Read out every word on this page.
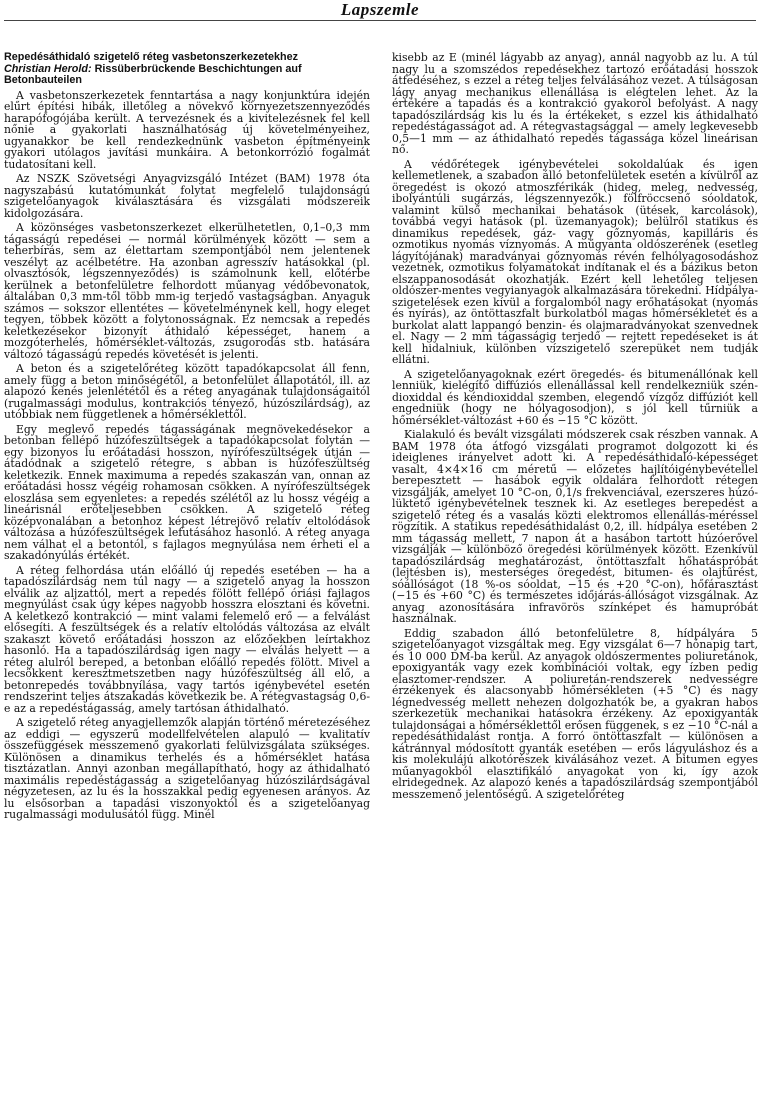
Lapszemle
Repedésáthidaló szigetelő réteg vasbetonszerkezetekhez
Christian Herold: Rissüberbrückende Beschichtungen auf Betonbauteilen

A vasbetonszerkezetek fenntartása a nagy konjunktúra idején elűrt építési hibák, illetőleg a növekvő környezetszennyeződés harapófogójába került. A tervezésnek és a kivitelezésnek fel kell nőnie a gyakorlati használhatóság új követelményeihez, ugyanakkor be kell rendezkednünk vasbeton építményeink gyakori utólagos javítási munkáira. A betonkorrózió fogalmát tudatosítani kell.

Az NSZK Szövetségi Anyagvizsgáló Intézet (BAM) 1978 óta nagyszabású kutatómunkát folytat megfelelő tulajdonságú szigetelőanyagok kiválasztására és vizsgálati módszereik kidolgozására.

A közönséges vasbetonszerkezet elkerülhetetlen, 0,1–0,3 mm tágasságú repedései — normál körülmények között — sem a teherbírás, sem az élettartam szempontjából nem jelentenek veszélyt az acélbetétre. Ha azonban agresszív hatásokkal (pl. olvasztósók, légszennyeződés) is számolnunk kell, előtérbe kerülnek a betonfelületre felhordott műanyag védőbevonatok, általában 0,3 mm-től több mm-ig terjedő vastagságban. Anyaguk számos — sokszor ellentétes — követelménynek kell, hogy eleget tegyen, többek között a folytonosságnak. Ez nemcsak a repedés keletkezésekor bizonyít áthidaló képességet, hanem a mozgóterhelés, hőmérséklet-változás, zsugorodás stb. hatására változó tágasságú repedés követését is jelenti.

A beton és a szigetelőréteg között tapadókapcsolat áll fenn, amely függ a beton minőségétől, a betonfelület állapotától, ill. az alapozó kenés jelenlététől és a réteg anyagának tulajdonságaitól (rugalmassági modulus, kontrakciós tényező, húzószilárdság), az utóbbiak nem függetlenek a hőmérséklettől.

Egy meglevő repedés tágasságának megnövekedésekor a betonban fellépő húzófeszültségek a tapadókapcsolat folytán — egy bizonyos lu erőátadási hosszon, nyírófeszültségek útján — átadódnak a szigetelő rétegre, s abban is húzófeszültség keletkezik. Ennek maximuma a repedés szakaszán van, onnan az erőátadási hossz végéig rohamosan csökken. A nyírófeszültségek eloszlása sem egyenletes: a repedés szélétől az lu hossz végéig a lineárisnál erőteljesebben csökken. A szigetelő réteg középvonalában a betonhoz képest létrejövő relatív eltolódások változása a húzófeszültségek lefutásához hasonló. A réteg anyaga nem válhat el a betontól, s fajlagos megnyúlása nem érheti el a szakadónyúlás értékét.

A réteg felhordása után előálló új repedés esetében — ha a tapadószilárdság nem túl nagy — a szigetelő anyag la hosszon elválik az aljzattól, mert a repedés fölött fellépő óriási fajlagos megnyúlást csak úgy képes nagyobb hosszra elosztani és követni. A keletkező kontrakció — mint valami felemelő erő — a felválást elősegíti. A feszültségek és a relatív eltolódás változása az elvált szakaszt követő erőátadási hosszon az előzőekben leírtakhoz hasonló. Ha a tapadószilárdság igen nagy — elválás helyett — a réteg alulról bereped, a betonban előálló repedés fölött. Mivel a lecsökkent keresztmetszetben nagy húzófeszültség áll elő, a betonrepedés továbbnyílása, vagy tartós igénybevétel esetén rendszerint teljes átszakadás következik be. A rétegvastagság 0,6-e az a repedéstágasság, amely tartósan áthidalható.

A szigetelő réteg anyagjellemzők alapján történő méretezéséhez az eddigi — egyszerű modellfelvételen alapuló — kvalitatív összefüggések messzemenő gyakorlati felülvizsgálata szükséges. Különösen a dinamikus terhelés és a hőmérséklet hatása tisztázatlan. Annyi azonban megállapítható, hogy az áthidalható maximális repedéstágasság a szigetelőanyag húzószilárdságával négyzetesen, az lu és la hosszakkal pedig egyenesen arányos. Az lu elsősorban a tapadási viszonyoktól és a szigetelőanyag rugalmassági modulusától függ. Minél

kisebb az E (minél lágyabb az anyag), annál nagyobb az lu. A túl nagy lu a szomszédos repedésekhez tartozó erőátadási hosszok átfedéséhez, s ezzel a réteg teljes felválásához vezet. A túlságosan lágy anyag mechanikus ellenállása is elégtelen lehet. Az la értékére a tapadás és a kontrakció gyakorol befolyást. A nagy tapadószilárdság kis lu és la értékeket, s ezzel kis áthidalható repedéstágasságot ad. A rétegvastagsággal — amely legkevesebb 0,5—1 mm — az áthidalható repedés tágassága közel lineárisan nő.

A védőrétegek igénybevételei sokoldalúak és igen kellemetlenek, a szabadon álló betonfelületek esetén a kívülről az öregedést is okozó atmoszférikák (hideg, meleg, nedvesség, ibolyántúli sugárzás, légszennyezők.) fölfröccsenő sóoldatok, valamint külső mechanikai behatások (ütések, karcolások), továbbá vegyi hatások (pl. üzemanyagok); belülről statikus és dinamikus repedések, gáz- vagy gőznyomás, kapilláris és ozmotikus nyomás víznyomás. A műgyanta oldószerének (esetleg lágyítójának) maradványai gőznyomás révén felhólyagosodáshoz vezetnek, ozmotikus folyamatokat indítanak el és a bázikus beton elszappanosodását okozhatják. Ezért kell lehetőleg teljesen oldószer-mentes vegyianyagok alkalmazására törekedni. Hídpálya-szigetelések ezen kívül a forgalomból nagy erőhatásokat (nyomás és nyírás), az öntöttaszfalt burkolatból magas hőmérsékletet és a burkolat alatt lappangó benzin- és olajmaradványokat szenvednek el. Nagy — 2 mm tágasságig terjedő — rejtett repedéseket is át kell hidalniuk, különben vízszigetelő szerepüket nem tudják ellátni.

A szigetelőanyagoknak ezért öregedés- és bitumenállónak kell lenniük, kielégítő diffúziós ellenállással kell rendelkezniük szén-dioxiddal és kéndioxiddal szemben, elegendő vízgőz diffúziót kell engedniük (hogy ne hólyagosodjon), s jól kell tűrniük a hőmérséklet-változást +60 és −15 °C között.

Kialakuló és bevált vizsgálati módszerek csak részben vannak. A BAM 1978 óta átfogó vizsgálati programot dolgozott ki és ideiglenes irányelvet adott ki. A repedésáthidaló-képességet vasalt, 4×4×16 cm méretű — előzetes hajlítóigénybevétellel berepesztett — hasábok egyik oldalára felhordott rétegen vizsgálják, amelyet 10 °C-on, 0,1/s frekvenciával, ezerszeres húzó-lüktető igénybevételnek tesznek ki. Az esetleges berepedést a szigetelő réteg és a vasalás közti elektromos ellenállás-méréssel rögzítik. A statikus repedésáthidalást 0,2, ill. hídpálya esetében 2 mm tágasság mellett, 7 napon át a hasábon tartott húzóerővel vizsgálják — különböző öregedési körülmények között. Ezenkívül tapadószilárdság meghatározást, öntöttaszfalt hőhatáspróbát (lejtésben is), mesterséges öregedést, bitumen- és olajtűrést, sóállóságot (18 %-os sóoldat, −15 és +20 °C-on), hőfárasztást (−15 és +60 °C) és természetes időjárás-állóságot vizsgálnak. Az anyag azonosítására infravörös színképet és hamupróbát használnak.

Eddig szabadon álló betonfelületre 8, hídpályára 5 szigetelőanyagot vizsgáltak meg. Egy vizsgálat 6—7 hónapig tart, és 10 000 DM-ba kerül. Az anyagok oldószermentes poliuretánok, epoxigyanták vagy ezek kombinációi voltak, egy ízben pedig elasztomer-rendszer. A poliuretán-rendszerek nedvességre érzékenyek és alacsonyabb hőmérsékleten (+5 °C) és nagy légnedvesség mellett nehezen dolgozhatók be, a gyakran habos szerkezetük mechanikai hatásokra érzékeny. Az epoxigyanták tulajdonságai a hőmérséklettől erősen függenek, s ez −10 °C-nál a repedésáthidalást rontja. A forró öntöttaszfalt — különösen a kátránnyal módosított gyanták esetében — erős lágyuláshoz és a kis molekulájú alkotórészek kiválásához vezet. A bitumen egyes műanyagokból elasztifikáló anyagokat von ki, így azok elridegednek. Az alapozó kenés a tapadószilárdság szempontjából messzemenő jelentőségű. A szigetelőréteg
